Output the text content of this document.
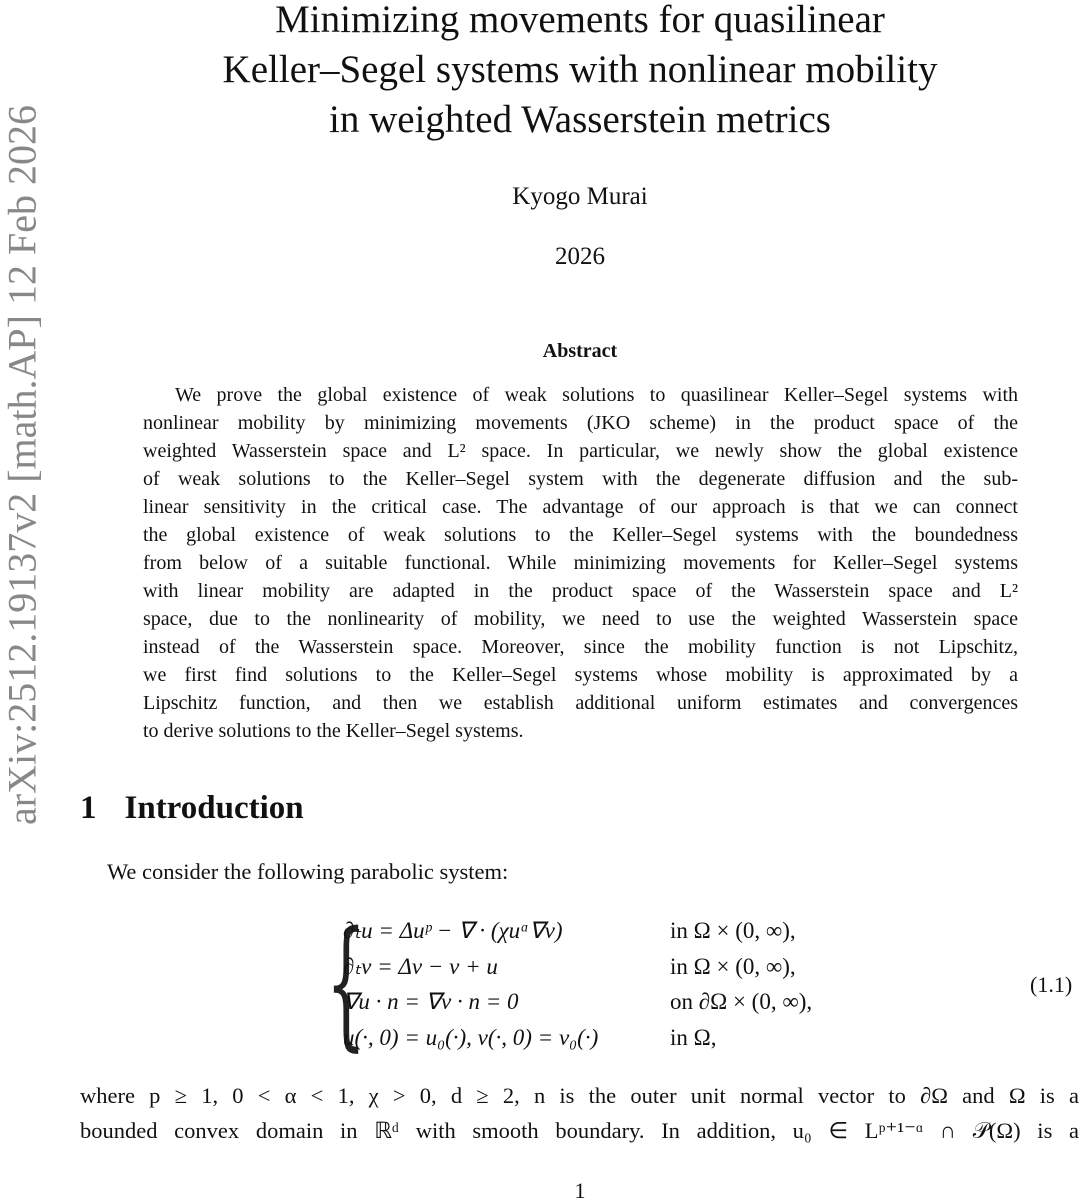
arXiv:2512.19137v2 [math.AP] 12 Feb 2026
Minimizing movements for quasilinear
Keller–Segel systems with nonlinear mobility
in weighted Wasserstein metrics
Kyogo Murai
2026
Abstract
We prove the global existence of weak solutions to quasilinear Keller–Segel systems with
nonlinear mobility by minimizing movements (JKO scheme) in the product space of the
weighted Wasserstein space and L² space. In particular, we newly show the global existence
of weak solutions to the Keller–Segel system with the degenerate diffusion and the sub-
linear sensitivity in the critical case. The advantage of our approach is that we can connect
the global existence of weak solutions to the Keller–Segel systems with the boundedness
from below of a suitable functional. While minimizing movements for Keller–Segel systems
with linear mobility are adapted in the product space of the Wasserstein space and L²
space, due to the nonlinearity of mobility, we need to use the weighted Wasserstein space
instead of the Wasserstein space. Moreover, since the mobility function is not Lipschitz,
we first find solutions to the Keller–Segel systems whose mobility is approximated by a
Lipschitz function, and then we establish additional uniform estimates and convergences
to derive solutions to the Keller–Segel systems.
1 Introduction
We consider the following parabolic system:
{
∂ₜu = Δuᵖ − ∇ · (χuᵅ∇v)	in Ω × (0, ∞),
∂ₜv = Δv − v + u	in Ω × (0, ∞),
∇u · n = ∇v · n = 0	on ∂Ω × (0, ∞),
u(·, 0) = u₀(·), v(·, 0) = v₀(·)	in Ω,
(1.1)
where p ≥ 1, 0 < α < 1, χ > 0, d ≥ 2, n is the outer unit normal vector to ∂Ω and Ω is a
bounded convex domain in ℝᵈ with smooth boundary. In addition, u₀ ∈ Lᵖ⁺¹⁻ᵅ ∩ 𝒫(Ω) is a
1
